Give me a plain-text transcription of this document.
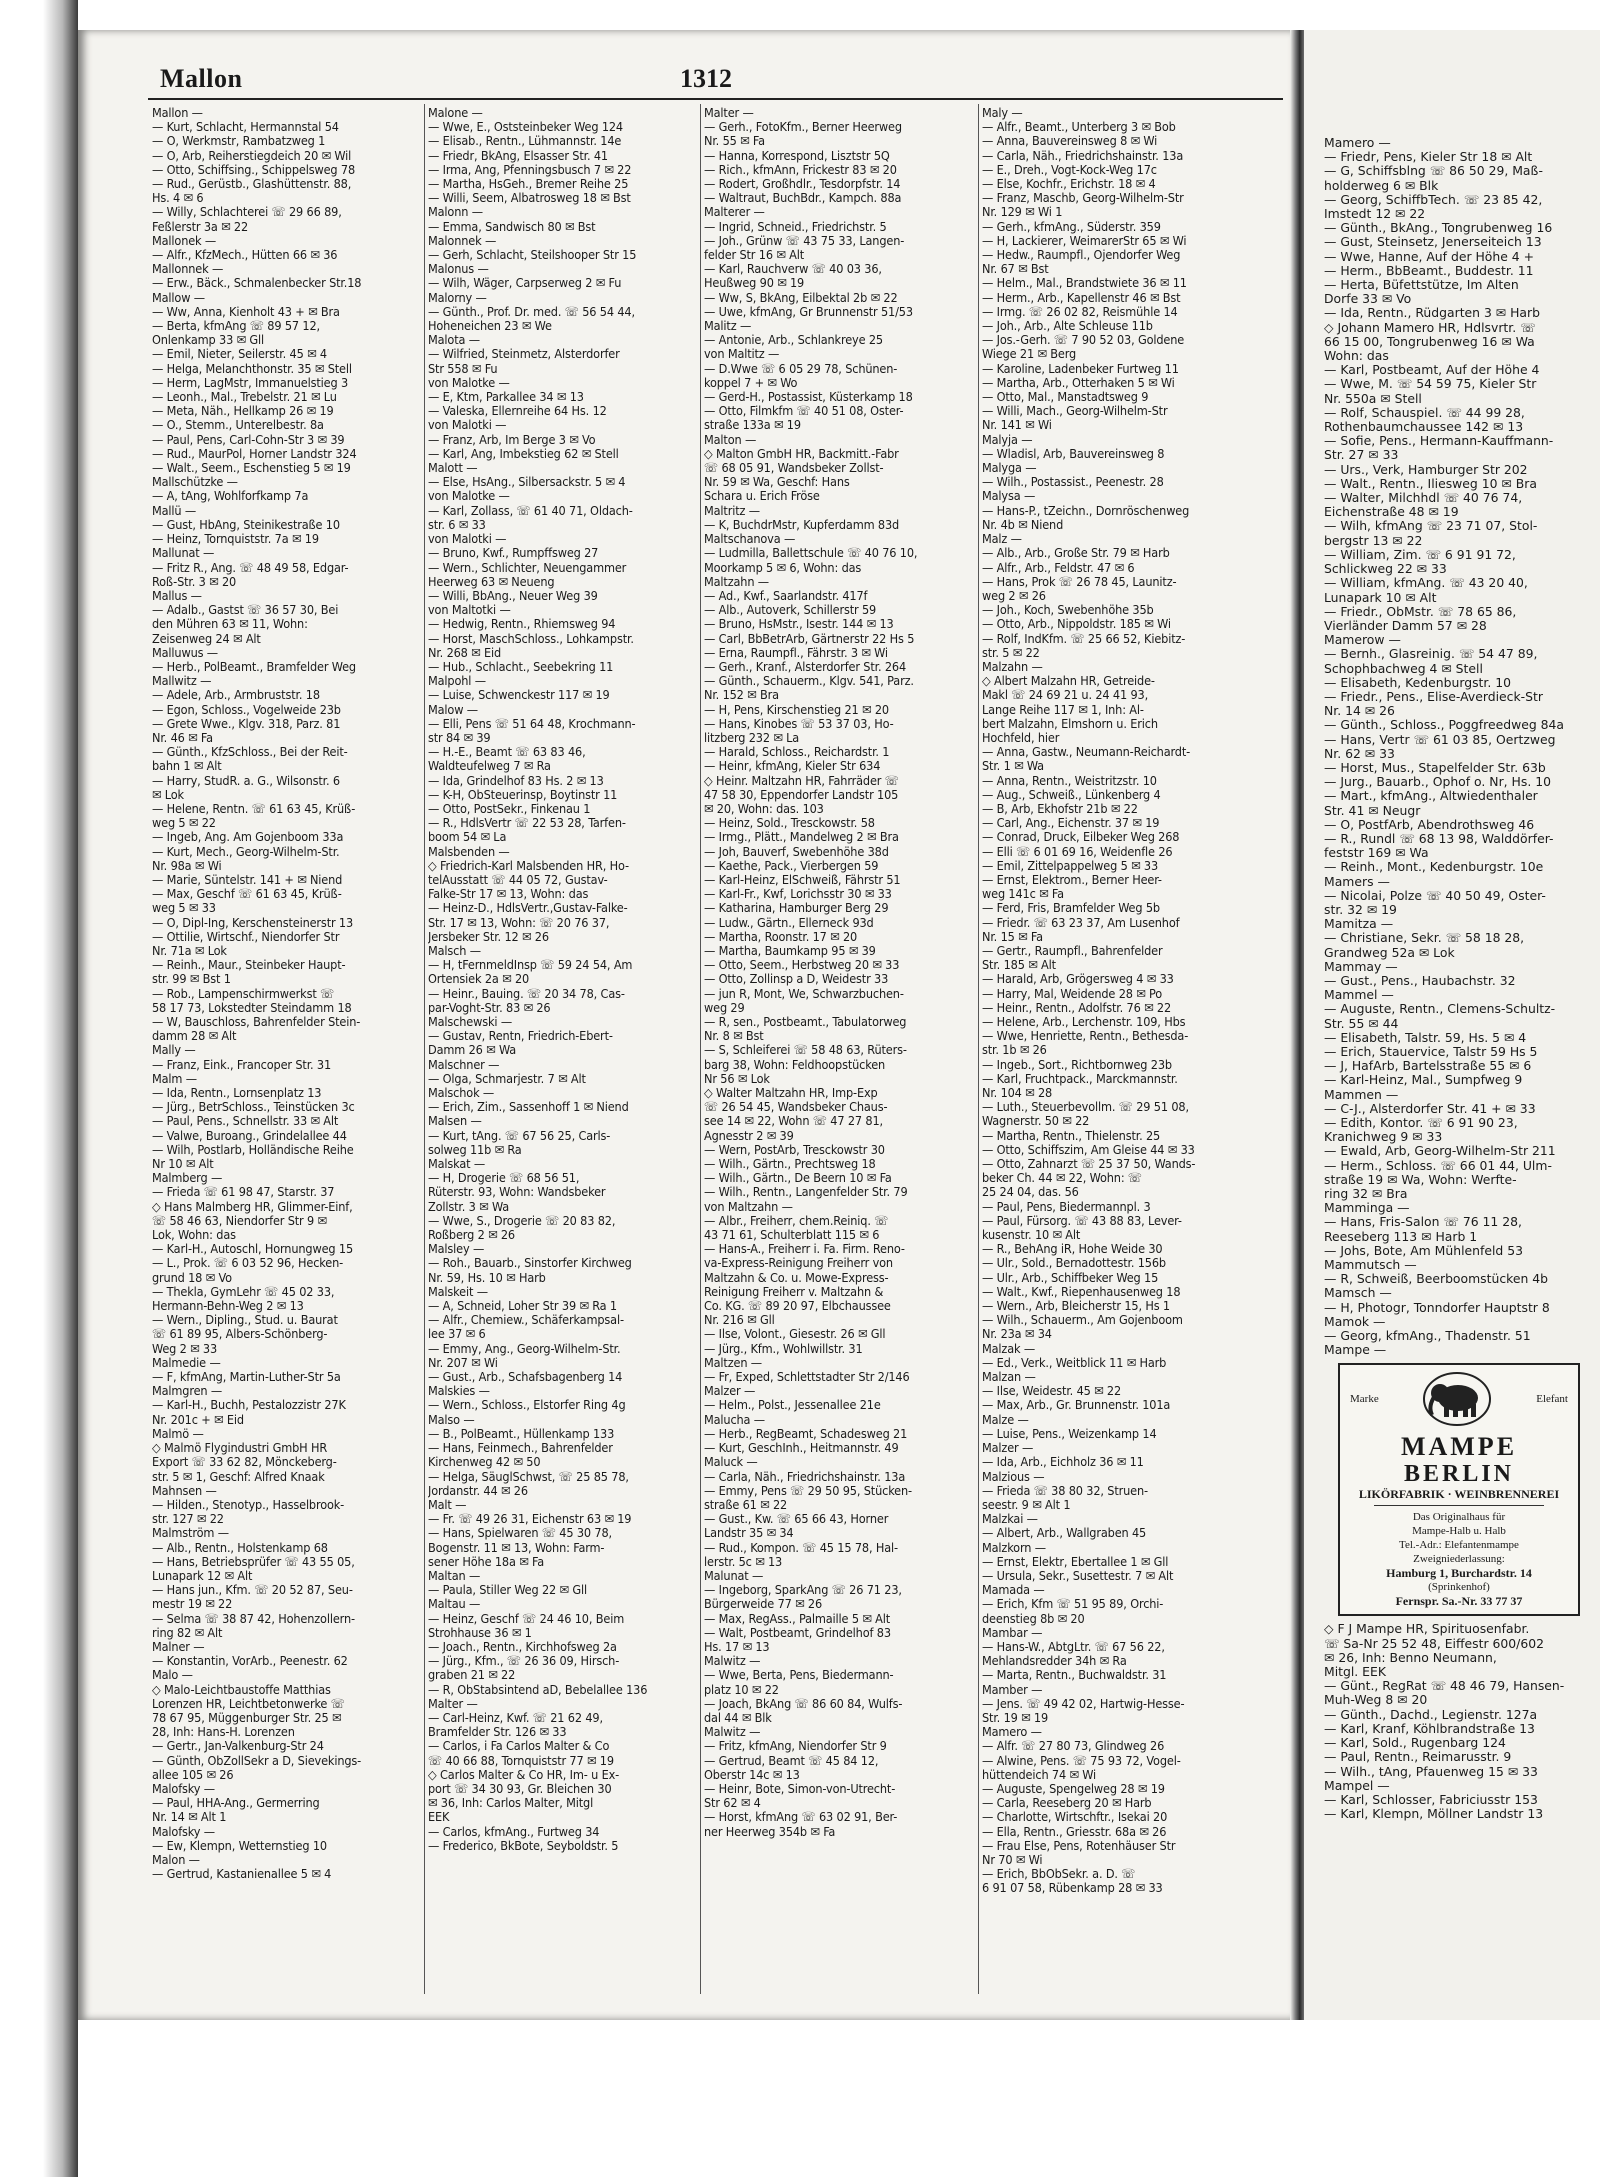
Mallon	1312
Mallon —
— Kurt, Schlacht, Hermannstal 54
— O, Werkmstr, Rambatzweg 1
— O, Arb, Reiherstiegdeich 20 ✉ Wil
— Otto, Schiffsing., Schippelsweg 78
— Rud., Gerüstb., Glashüttenstr. 88,
Hs. 4 ✉ 6
— Willy, Schlachterei ☏ 29 66 89,
Feßlerstr 3a ✉ 22
Mallonek —
— Alfr., KfzMech., Hütten 66 ✉ 36
Mallonnek —
— Erw., Bäck., Schmalenbecker Str.18
Mallow —
— Ww, Anna, Kienholt 43 + ✉ Bra
— Berta, kfmAng ☏ 89 57 12,
Onlenkamp 33 ✉ Gll
— Emil, Nieter, Seilerstr. 45 ✉ 4
— Helga, Melanchthonstr. 35 ✉ Stell
— Herm, LagMstr, Immanuelstieg 3
— Leonh., Mal., Trebelstr. 21 ✉ Lu
— Meta, Näh., Hellkamp 26 ✉ 19
— O., Stemm., Unterelbestr. 8a
— Paul, Pens, Carl-Cohn-Str 3 ✉ 39
— Rud., MaurPol, Horner Landstr 324
— Walt., Seem., Eschenstieg 5 ✉ 19
Mallschützke —
— A, tAng, Wohlforfkamp 7a
Mallü —
— Gust, HbAng, Steinikestraße 10
— Heinz, Tornquiststr. 7a ✉ 19
Mallunat —
— Fritz R., Ang. ☏ 48 49 58, Edgar-
Roß-Str. 3 ✉ 20
Mallus —
— Adalb., Gastst ☏ 36 57 30, Bei
den Mühren 63 ✉ 11, Wohn:
Zeisenweg 24 ✉ Alt
Malluwus —
— Herb., PolBeamt., Bramfelder Weg
Mallwitz —
— Adele, Arb., Armbruststr. 18
— Egon, Schloss., Vogelweide 23b
— Grete Wwe., Klgv. 318, Parz. 81
Nr. 46 ✉ Fa
— Günth., KfzSchloss., Bei der Reit-
bahn 1 ✉ Alt
— Harry, StudR. a. G., Wilsonstr. 6
✉ Lok
— Helene, Rentn. ☏ 61 63 45, Krüß-
weg 5 ✉ 22
— Ingeb, Ang. Am Gojenboom 33a
— Kurt, Mech., Georg-Wilhelm-Str.
Nr. 98a ✉ Wi
— Marie, Süntelstr. 141 + ✉ Niend
— Max, Geschf ☏ 61 63 45, Krüß-
weg 5 ✉ 33
— O, Dipl-Ing, Kerschensteinerstr 13
— Ottilie, Wirtschf., Niendorfer Str
Nr. 71a ✉ Lok
— Reinh., Maur., Steinbeker Haupt-
str. 99 ✉ Bst 1
— Rob., Lampenschirmwerkst ☏
58 17 73, Lokstedter Steindamm 18
— W, Bauschloss, Bahrenfelder Stein-
damm 28 ✉ Alt
Mally —
— Franz, Eink., Francoper Str. 31
Malm —
— Ida, Rentn., Lornsenplatz 13
— Jürg., BetrSchloss., Teinstücken 3c
— Paul, Pens., Schnellstr. 33 ✉ Alt
— Valwe, Buroang., Grindelallee 44
— Wilh, Postlarb, Holländische Reihe
Nr 10 ✉ Alt
Malmberg —
— Frieda ☏ 61 98 47, Starstr. 37
◇ Hans Malmberg HR, Glimmer-Einf,
☏ 58 46 63, Niendorfer Str 9 ✉
Lok, Wohn: das
— Karl-H., Autoschl, Hornungweg 15
— L., Prok. ☏ 6 03 52 96, Hecken-
grund 18 ✉ Vo
— Thekla, GymLehr ☏ 45 02 33,
Hermann-Behn-Weg 2 ✉ 13
— Wern., Dipling., Stud. u. Baurat
☏ 61 89 95, Albers-Schönberg-
Weg 2 ✉ 33
Malmedie —
— F, kfmAng, Martin-Luther-Str 5a
Malmgren —
— Karl-H., Buchh, Pestalozzistr 27K
Nr. 201c + ✉ Eid
Malmö —
◇ Malmö Flygindustri GmbH HR
Export ☏ 33 62 82, Mönckeberg-
str. 5 ✉ 1, Geschf: Alfred Knaak
Mahnsen —
— Hilden., Stenotyp., Hasselbrook-
str. 127 ✉ 22
Malmström —
— Alb., Rentn., Holstenkamp 68
— Hans, Betriebsprüfer ☏ 43 55 05,
Lunapark 12 ✉ Alt
— Hans jun., Kfm. ☏ 20 52 87, Seu-
mestr 19 ✉ 22
— Selma ☏ 38 87 42, Hohenzollern-
ring 82 ✉ Alt
Malner —
— Konstantin, VorArb., Peenestr. 62
Malo —
◇ Malo-Leichtbaustoffe Matthias
Lorenzen HR, Leichtbetonwerke ☏
78 67 95, Müggenburger Str. 25 ✉
28, Inh: Hans-H. Lorenzen
— Gertr., Jan-Valkenburg-Str 24
— Günth, ObZollSekr a D, Sievekings-
allee 105 ✉ 26
Malofsky —
— Paul, HHA-Ang., Germerring
Nr. 14 ✉ Alt 1
Malofsky —
— Ew, Klempn, Wetternstieg 10
Malon —
— Gertrud, Kastanienallee 5 ✉ 4
Malone —
— Wwe, E., Oststeinbeker Weg 124
— Elisab., Rentn., Lühmannstr. 14e
— Friedr, BkAng, Elsasser Str. 41
— Irma, Ang, Pfenningsbusch 7 ✉ 22
— Martha, HsGeh., Bremer Reihe 25
— Willi, Seem, Albatrosweg 18 ✉ Bst
Malonn —
— Emma, Sandwisch 80 ✉ Bst
Malonnek —
— Gerh, Schlacht, Steilshooper Str 15
Malonus —
— Wilh, Wäger, Carpserweg 2 ✉ Fu
Malorny —
— Günth., Prof. Dr. med. ☏ 56 54 44,
Hoheneichen 23 ✉ We
Malota —
— Wilfried, Steinmetz, Alsterdorfer
Str 558 ✉ Fu
von Malotke —
— E, Ktm, Parkallee 34 ✉ 13
— Valeska, Ellernreihe 64 Hs. 12
von Malotki —
— Franz, Arb, Im Berge 3 ✉ Vo
— Karl, Ang, Imbekstieg 62 ✉ Stell
Malott —
— Else, HsAng., Silbersackstr. 5 ✉ 4
von Malotke —
— Karl, Zollass, ☏ 61 40 71, Oldach-
str. 6 ✉ 33
von Malotki —
— Bruno, Kwf., Rumpffsweg 27
— Wern., Schlichter, Neuengammer
Heerweg 63 ✉ Neueng
— Willi, BbAng., Neuer Weg 39
von Maltotki —
— Hedwig, Rentn., Rhiemsweg 94
— Horst, MaschSchloss., Lohkampstr.
Nr. 268 ✉ Eid
— Hub., Schlacht., Seebekring 11
Malpohl —
— Luise, Schwenckestr 117 ✉ 19
Malow —
— Elli, Pens ☏ 51 64 48, Krochmann-
str 84 ✉ 39
— H.-E., Beamt ☏ 63 83 46,
Waldteufelweg 7 ✉ Ra
— Ida, Grindelhof 83 Hs. 2 ✉ 13
— K-H, ObSteuerinsp, Boytinstr 11
— Otto, PostSekr., Finkenau 1
— R., HdlsVertr ☏ 22 53 28, Tarfen-
boom 54 ✉ La
Malsbenden —
◇ Friedrich-Karl Malsbenden HR, Ho-
telAusstatt ☏ 44 05 72, Gustav-
Falke-Str 17 ✉ 13, Wohn: das
— Heinz-D., HdlsVertr.,Gustav-Falke-
Str. 17 ✉ 13, Wohn: ☏ 20 76 37,
Jersbeker Str. 12 ✉ 26
Malsch —
— H, tFernmeldInsp ☏ 59 24 54, Am
Ortensiek 2a ✉ 20
— Heinr., Bauing. ☏ 20 34 78, Cas-
par-Voght-Str. 83 ✉ 26
Malschewski —
— Gustav, Rentn, Friedrich-Ebert-
Damm 26 ✉ Wa
Malschner —
— Olga, Schmarjestr. 7 ✉ Alt
Malschok —
— Erich, Zim., Sassenhoff 1 ✉ Niend
Malsen —
— Kurt, tAng. ☏ 67 56 25, Carls-
solweg 11b ✉ Ra
Malskat —
— H, Drogerie ☏ 68 56 51,
Rüterstr. 93, Wohn: Wandsbeker
Zollstr. 3 ✉ Wa
— Wwe, S., Drogerie ☏ 20 83 82,
Roßberg 2 ✉ 26
Malsley —
— Roh., Bauarb., Sinstorfer Kirchweg
Nr. 59, Hs. 10 ✉ Harb
Malskeit —
— A, Schneid, Loher Str 39 ✉ Ra 1
— Alfr., Chemiew., Schäferkampsal-
lee 37 ✉ 6
— Emmy, Ang., Georg-Wilhelm-Str.
Nr. 207 ✉ Wi
— Gust., Arb., Schafsbagenberg 14
Malskies —
— Wern., Schloss., Elstorfer Ring 4g
Malso —
— B., PolBeamt., Hüllenkamp 133
— Hans, Feinmech., Bahrenfelder
Kirchenweg 42 ✉ 50
— Helga, SäuglSchwst, ☏ 25 85 78,
Jordanstr. 44 ✉ 26
Malt —
— Fr. ☏ 49 26 31, Eichenstr 63 ✉ 19
— Hans, Spielwaren ☏ 45 30 78,
Bogenstr. 11 ✉ 13, Wohn: Farm-
sener Höhe 18a ✉ Fa
Maltan —
— Paula, Stiller Weg 22 ✉ Gll
Maltau —
— Heinz, Geschf ☏ 24 46 10, Beim
Strohhause 36 ✉ 1
— Joach., Rentn., Kirchhofsweg 2a
— Jürg., Kfm., ☏ 26 36 09, Hirsch-
graben 21 ✉ 22
— R, ObStabsintend aD, Bebelallee 136
Malter —
— Carl-Heinz, Kwf. ☏ 21 62 49,
Bramfelder Str. 126 ✉ 33
— Carlos, i Fa Carlos Malter & Co
☏ 40 66 88, Tornquiststr 77 ✉ 19
◇ Carlos Malter & Co HR, Im- u Ex-
port ☏ 34 30 93, Gr. Bleichen 30
✉ 36, Inh: Carlos Malter, Mitgl
EEK
— Carlos, kfmAng., Furtweg 34
— Frederico, BkBote, Seyboldstr. 5
Malter —
— Gerh., FotoKfm., Berner Heerweg
Nr. 55 ✉ Fa
— Hanna, Korrespond, Lisztstr 5Q
— Rich., kfmAnn, Frickestr 83 ✉ 20
— Rodert, Großhdlr., Tesdorpfstr. 14
— Waltraut, BuchBdr., Kampch. 88a
Malterer —
— Ingrid, Schneid., Friedrichstr. 5
— Joh., Grünw ☏ 43 75 33, Langen-
felder Str 16 ✉ Alt
— Karl, Rauchverw ☏ 40 03 36,
Heußweg 90 ✉ 19
— Ww, S, BkAng, Eilbektal 2b ✉ 22
— Uwe, kfmAng, Gr Brunnenstr 51/53
Malitz —
— Antonie, Arb., Schlankreye 25
von Maltitz —
— D.Wwe ☏ 6 05 29 78, Schünen-
koppel 7 + ✉ Wo
— Gerd-H., Postassist, Küsterkamp 18
— Otto, Filmkfm ☏ 40 51 08, Oster-
straße 133a ✉ 19
Malton —
◇ Malton GmbH HR, Backmitt.-Fabr
☏ 68 05 91, Wandsbeker Zollst-
Nr. 59 ✉ Wa, Geschf: Hans
Schara u. Erich Fröse
Maltritz —
— K, BuchdrMstr, Kupferdamm 83d
Maltschanova —
— Ludmilla, Ballettschule ☏ 40 76 10,
Moorkamp 5 ✉ 6, Wohn: das
Maltzahn —
— Ad., Kwf., Saarlandstr. 417f
— Alb., Autoverk, Schillerstr 59
— Bruno, HsMstr., Isestr. 144 ✉ 13
— Carl, BbBetrArb, Gärtnerstr 22 Hs 5
— Erna, Raumpfl., Fährstr. 3 ✉ Wi
— Gerh., Kranf., Alsterdorfer Str. 264
— Günth., Schauerm., Klgv. 541, Parz.
Nr. 152 ✉ Bra
— H, Pens, Kirschenstieg 21 ✉ 20
— Hans, Kinobes ☏ 53 37 03, Ho-
litzberg 232 ✉ La
— Harald, Schloss., Reichardstr. 1
— Heinr, kfmAng, Kieler Str 634
◇ Heinr. Maltzahn HR, Fahrräder ☏
47 58 30, Eppendorfer Landstr 105
✉ 20, Wohn: das. 103
— Heinz, Sold., Tresckowstr. 58
— Irmg., Plätt., Mandelweg 2 ✉ Bra
— Joh, Bauverf, Swebenhöhe 38d
— Kaethe, Pack., Vierbergen 59
— Karl-Heinz, ElSchweiß, Fährstr 51
— Karl-Fr., Kwf, Lorichsstr 30 ✉ 33
— Katharina, Hamburger Berg 29
— Ludw., Gärtn., Ellerneck 93d
— Martha, Roonstr. 17 ✉ 20
— Martha, Baumkamp 95 ✉ 39
— Otto, Seem., Herbstweg 20 ✉ 33
— Otto, Zollinsp a D, Weidestr 33
— jun R, Mont, We, Schwarzbuchen-
weg 29
— R, sen., Postbeamt., Tabulatorweg
Nr. 8 ✉ Bst
— S, Schleiferei ☏ 58 48 63, Rüters-
barg 38, Wohn: Feldhoopstücken
Nr 56 ✉ Lok
◇ Walter Maltzahn HR, Imp-Exp
☏ 26 54 45, Wandsbeker Chaus-
see 14 ✉ 22, Wohn ☏ 47 27 81,
Agnesstr 2 ✉ 39
— Wern, PostArb, Tresckowstr 30
— Wilh., Gärtn., Prechtsweg 18
— Wilh., Gärtn., De Beern 10 ✉ Fa
— Wilh., Rentn., Langenfelder Str. 79
von Maltzahn —
— Albr., Freiherr, chem.Reiniq. ☏
43 71 61, Schulterblatt 115 ✉ 6
— Hans-A., Freiherr i. Fa. Firm. Reno-
va-Express-Reinigung Freiherr von
Maltzahn & Co. u. Mowe-Express-
Reinigung Freiherr v. Maltzahn &
Co. KG. ☏ 89 20 97, Elbchaussee
Nr. 216 ✉ Gll
— Ilse, Volont., Giesestr. 26 ✉ Gll
— Jürg., Kfm., Wohlwillstr. 31
Maltzen —
— Fr, Exped, Schlettstadter Str 2/146
Malzer —
— Helm., Polst., Jessenallee 21e
Malucha —
— Herb., RegBeamt, Schadesweg 21
— Kurt, GeschInh., Heitmannstr. 49
Maluck —
— Carla, Näh., Friedrichshainstr. 13a
— Emmy, Pens ☏ 29 50 95, Stücken-
straße 61 ✉ 22
— Gust., Kw. ☏ 65 66 43, Horner
Landstr 35 ✉ 34
— Rud., Kompon. ☏ 45 15 78, Hal-
lerstr. 5c ✉ 13
Malunat —
— Ingeborg, SparkAng ☏ 26 71 23,
Bürgerweide 77 ✉ 26
— Max, RegAss., Palmaille 5 ✉ Alt
— Walt, Postbeamt, Grindelhof 83
Hs. 17 ✉ 13
Malwitz —
— Wwe, Berta, Pens, Biedermann-
platz 10 ✉ 22
— Joach, BkAng ☏ 86 60 84, Wulfs-
dal 44 ✉ Blk
Malwitz —
— Fritz, kfmAng, Niendorfer Str 9
— Gertrud, Beamt ☏ 45 84 12,
Oberstr 14c ✉ 13
— Heinr, Bote, Simon-von-Utrecht-
Str 62 ✉ 4
— Horst, kfmAng ☏ 63 02 91, Ber-
ner Heerweg 354b ✉ Fa
Maly —
— Alfr., Beamt., Unterberg 3 ✉ Bob
— Anna, Bauvereinsweg 8 ✉ Wi
— Carla, Näh., Friedrichshainstr. 13a
— E., Dreh., Vogt-Kock-Weg 17c
— Else, Kochfr., Erichstr. 18 ✉ 4
— Franz, Maschb, Georg-Wilhelm-Str
Nr. 129 ✉ Wi 1
— Gerh., kfmAng., Süderstr. 359
— H, Lackierer, WeimarerStr 65 ✉ Wi
— Hedw., Raumpfl., Ojendorfer Weg
Nr. 67 ✉ Bst
— Helm., Mal., Brandstwiete 36 ✉ 11
— Herm., Arb., Kapellenstr 46 ✉ Bst
— Irmg. ☏ 26 02 82, Reismühle 14
— Joh., Arb., Alte Schleuse 11b
— Jos.-Gerh. ☏ 7 90 52 03, Goldene
Wiege 21 ✉ Berg
— Karoline, Ladenbeker Furtweg 11
— Martha, Arb., Otterhaken 5 ✉ Wi
— Otto, Mal., Manstadtsweg 9
— Willi, Mach., Georg-Wilhelm-Str
Nr. 141 ✉ Wi
Malyja —
— Wladisl, Arb, Bauvereinsweg 8
Malyga —
— Wilh., Postassist., Peenestr. 28
Malysa —
— Hans-P., tZeichn., Dornröschenweg
Nr. 4b ✉ Niend
Malz —
— Alb., Arb., Große Str. 79 ✉ Harb
— Alfr., Arb., Feldstr. 47 ✉ 6
— Hans, Prok ☏ 26 78 45, Launitz-
weg 2 ✉ 26
— Joh., Koch, Swebenhöhe 35b
— Otto, Arb., Nippoldstr. 185 ✉ Wi
— Rolf, IndKfm. ☏ 25 66 52, Kiebitz-
str. 5 ✉ 22
Malzahn —
◇ Albert Malzahn HR, Getreide-
Makl ☏ 24 69 21 u. 24 41 93,
Lange Reihe 117 ✉ 1, Inh: Al-
bert Malzahn, Elmshorn u. Erich
Hochfeld, hier
— Anna, Gastw., Neumann-Reichardt-
Str. 1 ✉ Wa
— Anna, Rentn., Weistritzstr. 10
— Aug., Schweiß., Lünkenberg 4
— B, Arb, Ekhofstr 21b ✉ 22
— Carl, Ang., Eichenstr. 37 ✉ 19
— Conrad, Druck, Eilbeker Weg 268
— Elli ☏ 6 01 69 16, Weidenfle 26
— Emil, Zittelpappelweg 5 ✉ 33
— Ernst, Elektrom., Berner Heer-
weg 141c ✉ Fa
— Ferd, Fris, Bramfelder Weg 5b
— Friedr. ☏ 63 23 37, Am Lusenhof
Nr. 15 ✉ Fa
— Gertr., Raumpfl., Bahrenfelder
Str. 185 ✉ Alt
— Harald, Arb, Grögersweg 4 ✉ 33
— Harry, Mal, Weidende 28 ✉ Po
— Heinr., Rentn., Adolfstr. 76 ✉ 22
— Helene, Arb., Lerchenstr. 109, Hbs
— Wwe, Henriette, Rentn., Bethesda-
str. 1b ✉ 26
— Ingeb., Sort., Richtbornweg 23b
— Karl, Fruchtpack., Marckmannstr.
Nr. 104 ✉ 28
— Luth., Steuerbevollm. ☏ 29 51 08,
Wagnerstr. 50 ✉ 22
— Martha, Rentn., Thielenstr. 25
— Otto, Schiffszim, Am Gleise 44 ✉ 33
— Otto, Zahnarzt ☏ 25 37 50, Wands-
beker Ch. 44 ✉ 22, Wohn: ☏
25 24 04, das. 56
— Paul, Pens, Biedermannpl. 3
— Paul, Fürsorg. ☏ 43 88 83, Lever-
kusenstr. 10 ✉ Alt
— R., BehAng iR, Hohe Weide 30
— Ulr., Sold., Bernadottestr. 156b
— Ulr., Arb., Schiffbeker Weg 15
— Walt., Kwf., Riepenhausenweg 18
— Wern., Arb, Bleicherstr 15, Hs 1
— Wilh., Schauerm., Am Gojenboom
Nr. 23a ✉ 34
Malzak —
— Ed., Verk., Weitblick 11 ✉ Harb
Malzan —
— Ilse, Weidestr. 45 ✉ 22
— Max, Arb., Gr. Brunnenstr. 101a
Malze —
— Luise, Pens., Weizenkamp 14
Malzer —
— Ida, Arb., Eichholz 36 ✉ 11
Malzious —
— Frieda ☏ 38 80 32, Struen-
seestr. 9 ✉ Alt 1
Malzkai —
— Albert, Arb., Wallgraben 45
Malzkorn —
— Ernst, Elektr, Ebertallee 1 ✉ Gll
— Ursula, Sekr., Susettestr. 7 ✉ Alt
Mamada —
— Erich, Kfm ☏ 51 95 89, Orchi-
deenstieg 8b ✉ 20
Mambar —
— Hans-W., AbtgLtr. ☏ 67 56 22,
Mehlandsredder 34h ✉ Ra
— Marta, Rentn., Buchwaldstr. 31
Mamber —
— Jens. ☏ 49 42 02, Hartwig-Hesse-
Str. 19 ✉ 19
Mamero —
— Alfr. ☏ 27 80 73, Glindweg 26
— Alwine, Pens. ☏ 75 93 72, Vogel-
hüttendeich 74 ✉ Wi
— Auguste, Spengelweg 28 ✉ 19
— Carla, Reeseberg 20 ✉ Harb
— Charlotte, Wirtschftr., Isekai 20
— Ella, Rentn., Griesstr. 68a ✉ 26
— Frau Else, Pens, Rotenhäuser Str
Nr 70 ✉ Wi
— Erich, BbObSekr. a. D. ☏
6 91 07 58, Rübenkamp 28 ✉ 33
Mamero —
— Friedr, Pens, Kieler Str 18 ✉ Alt
— G, Schiffsblng ☏ 86 50 29, Maß-
holderweg 6 ✉ Blk
— Georg, SchiffbTech. ☏ 23 85 42,
Imstedt 12 ✉ 22
— Günth., BkAng., Tongrubenweg 16
— Gust, Steinsetz, Jenerseiteich 13
— Wwe, Hanne, Auf der Höhe 4 +
— Herm., BbBeamt., Buddestr. 11
— Herta, Büfettstütze, Im Alten
Dorfe 33 ✉ Vo
— Ida, Rentn., Rüdgarten 3 ✉ Harb
◇ Johann Mamero HR, Hdlsvrtr. ☏
66 15 00, Tongrubenweg 16 ✉ Wa
Wohn: das
— Karl, Postbeamt, Auf der Höhe 4
— Wwe, M. ☏ 54 59 75, Kieler Str
Nr. 550a ✉ Stell
— Rolf, Schauspiel. ☏ 44 99 28,
Rothenbaumchaussee 142 ✉ 13
— Sofie, Pens., Hermann-Kauffmann-
Str. 27 ✉ 33
— Urs., Verk, Hamburger Str 202
— Walt., Rentn., Iliesweg 10 ✉ Bra
— Walter, Milchhdl ☏ 40 76 74,
Eichenstraße 48 ✉ 19
— Wilh, kfmAng ☏ 23 71 07, Stol-
bergstr 13 ✉ 22
— William, Zim. ☏ 6 91 91 72,
Schlickweg 22 ✉ 33
— William, kfmAng. ☏ 43 20 40,
Lunapark 10 ✉ Alt
— Friedr., ObMstr. ☏ 78 65 86,
Vierländer Damm 57 ✉ 28
Mamerow —
— Bernh., Glasreinig. ☏ 54 47 89,
Schophbachweg 4 ✉ Stell
— Elisabeth, Kedenburgstr. 10
— Friedr., Pens., Elise-Averdieck-Str
Nr. 14 ✉ 26
— Günth., Schloss., Poggfreedweg 84a
— Hans, Vertr ☏ 61 03 85, Oertzweg
Nr. 62 ✉ 33
— Horst, Mus., Stapelfelder Str. 63b
— Jurg., Bauarb., Ophof o. Nr, Hs. 10
— Mart., kfmAng., Altwiedenthaler
Str. 41 ✉ Neugr
— O, PostfArb, Abendrothsweg 46
— R., Rundl ☏ 68 13 98, Walddörfer-
feststr 169 ✉ Wa
— Reinh., Mont., Kedenburgstr. 10e
Mamers —
— Nicolai, Polze ☏ 40 50 49, Oster-
str. 32 ✉ 19
Mamitza —
— Christiane, Sekr. ☏ 58 18 28,
Grandweg 52a ✉ Lok
Mammay —
— Gust., Pens., Haubachstr. 32
Mammel —
— Auguste, Rentn., Clemens-Schultz-
Str. 55 ✉ 44
— Elisabeth, Talstr. 59, Hs. 5 ✉ 4
— Erich, Stauervice, Talstr 59 Hs 5
— J, HafArb, Bartelsstraße 55 ✉ 6
— Karl-Heinz, Mal., Sumpfweg 9
Mammen —
— C-J., Alsterdorfer Str. 41 + ✉ 33
— Edith, Kontor. ☏ 6 91 90 23,
Kranichweg 9 ✉ 33
— Ewald, Arb, Georg-Wilhelm-Str 211
— Herm., Schloss. ☏ 66 01 44, Ulm-
straße 19 ✉ Wa, Wohn: Werfte-
ring 32 ✉ Bra
Mamminga —
— Hans, Fris-Salon ☏ 76 11 28,
Reeseberg 113 ✉ Harb 1
— Johs, Bote, Am Mühlenfeld 53
Mammutsch —
— R, Schweiß, Beerboomstücken 4b
Mamsch —
— H, Photogr, Tonndorfer Hauptstr 8
Mamok —
— Georg, kfmAng., Thadenstr. 51
Mampe —
Marke	Elefant
MAMPE
BERLIN
LIKÖRFABRIK · WEINBRENNEREI
Das Originalhaus für
Mampe-Halb u. Halb
Tel.-Adr.: Elefantenmampe
Zweigniederlassung:
Hamburg 1, Burchardstr. 14
(Sprinkenhof)
Fernspr. Sa.-Nr. 33 77 37
◇ F J Mampe HR, Spirituosenfabr.
☏ Sa-Nr 25 52 48, Eiffestr 600/602
✉ 26, Inh: Benno Neumann,
Mitgl. EEK
— Günt., RegRat ☏ 48 46 79, Hansen-
Muh-Weg 8 ✉ 20
— Günth., Dachd., Legienstr. 127a
— Karl, Kranf, Köhlbrandstraße 13
— Karl, Sold., Rugenbarg 124
— Paul, Rentn., Reimarusstr. 9
— Wilh., tAng, Pfauenweg 15 ✉ 33
Mampel —
— Karl, Schlosser, Fabriciusstr 153
— Karl, Klempn, Möllner Landstr 13
